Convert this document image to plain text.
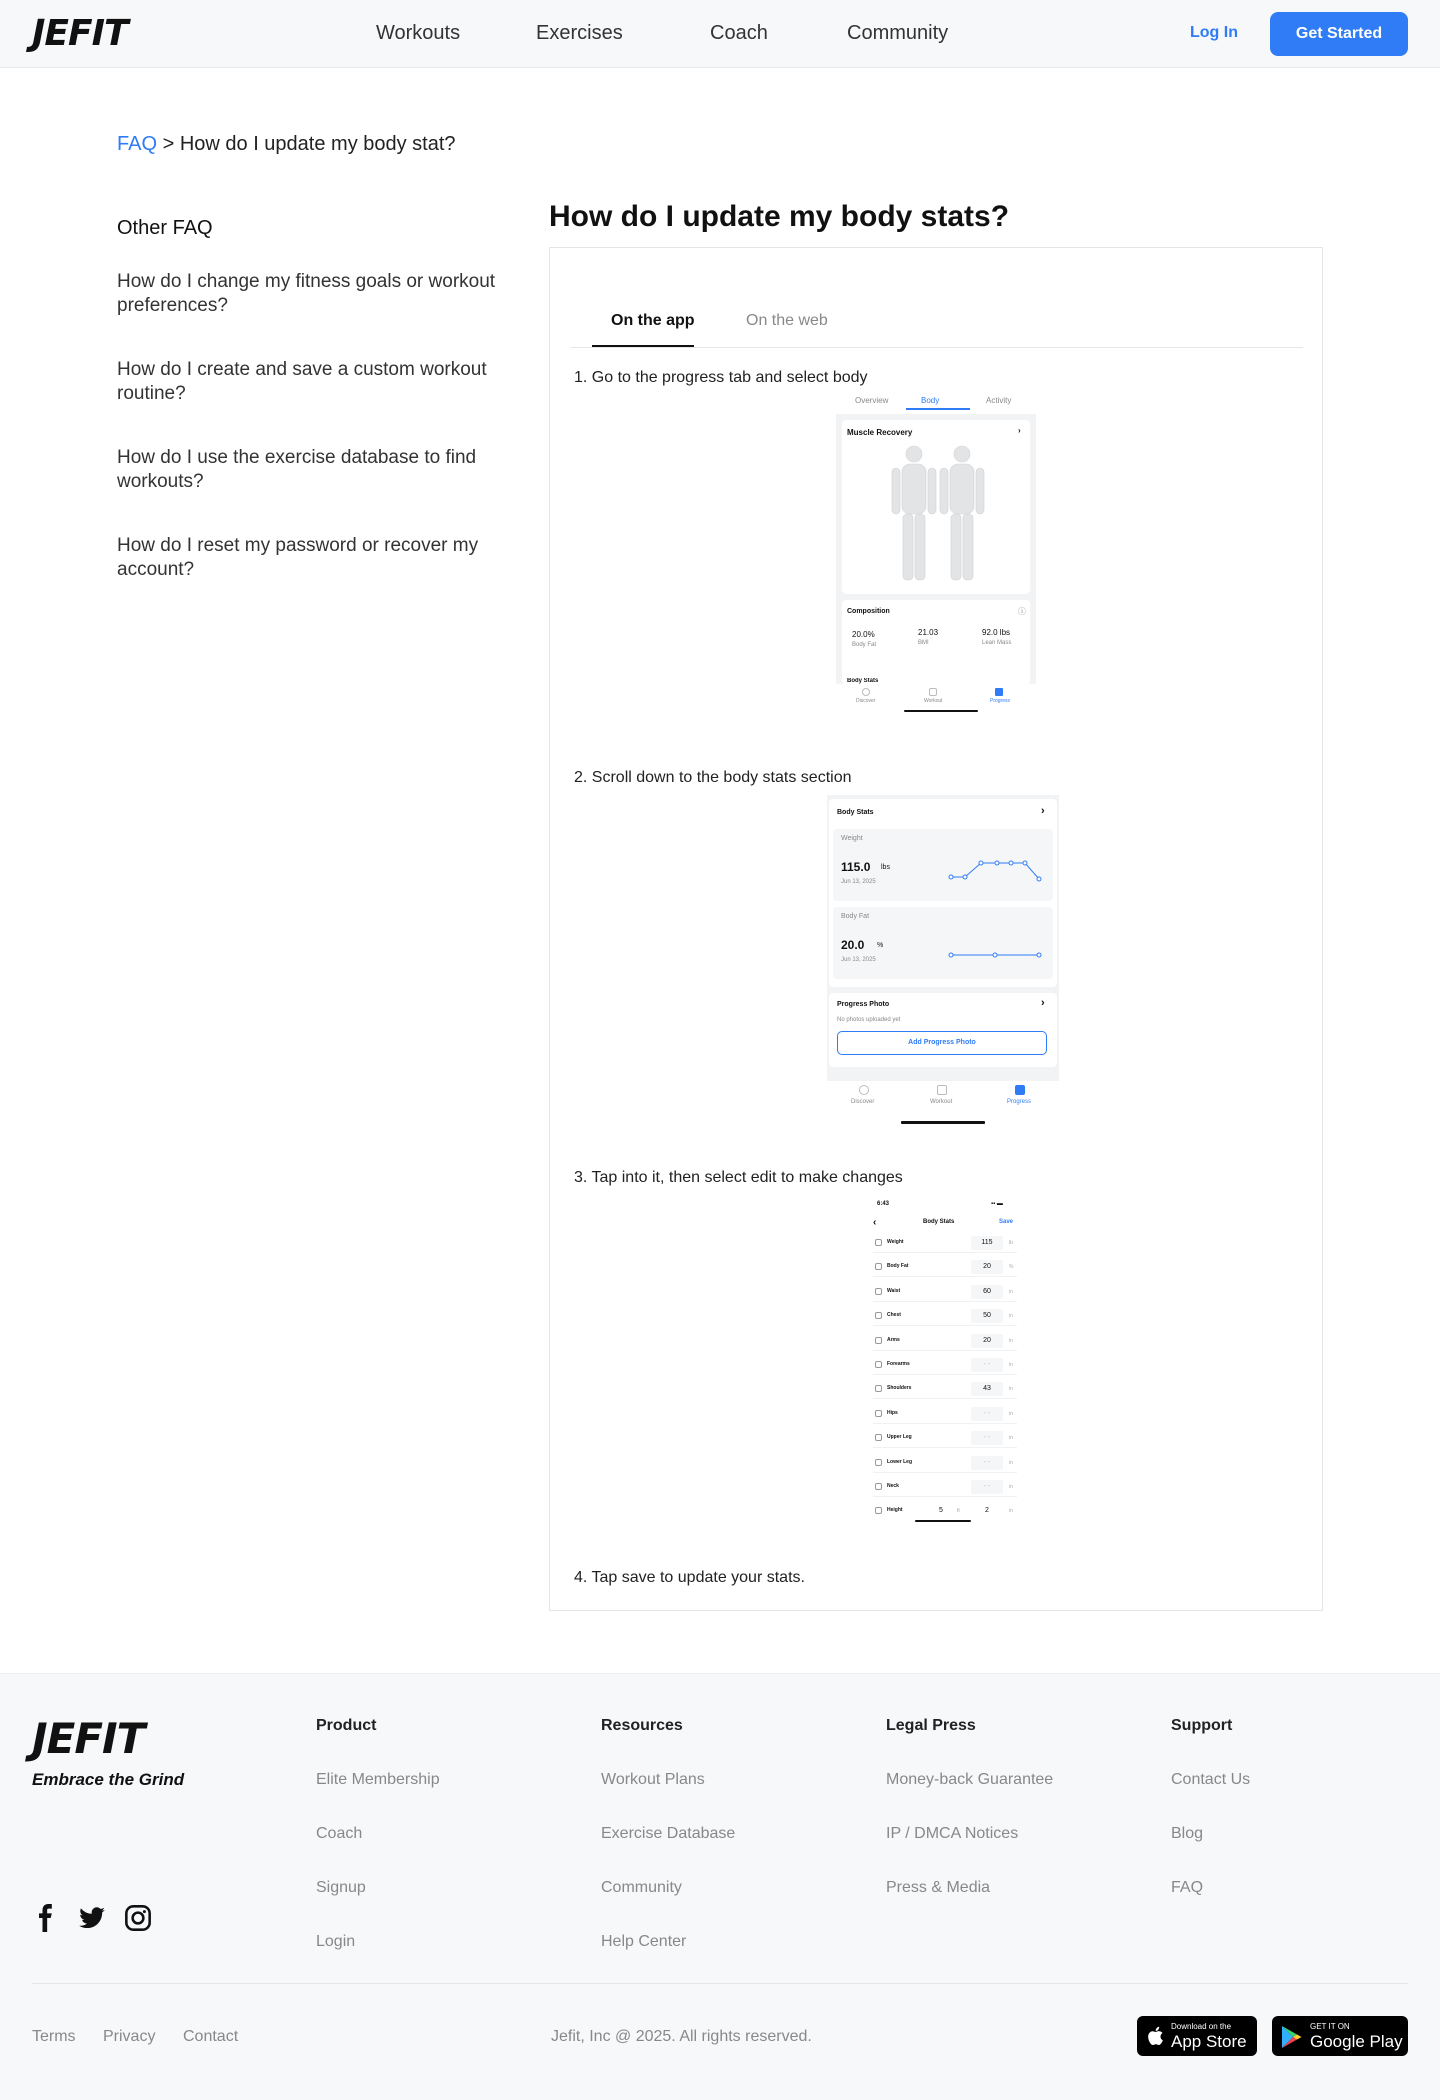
JEFIT	Workouts	Exercises	Coach	Community	Log In	Get Started
FAQ > How do I update my body stat?
Other FAQ
How do I change my fitness goals or workout preferences?
How do I create and save a custom workout routine?
How do I use the exercise database to find workouts?
How do I reset my password or recover my account?
How do I update my body stats?
On the app	On the web
1. Go to the progress tab and select body
2. Scroll down to the body stats section
3. Tap into it, then select edit to make changes
4. Tap save to update your stats.
Overview	Body	Activity
Muscle Recovery	›
Composition	ⓘ
20.0%
Body Fat
21.03
BMI
92.0 lbs
Lean Mass
Body Stats
Discover	Workout	Progress
Body Stats	›
Weight
115.0 lbs
Jun 13, 2025
Body Fat
20.0 %
Jun 13, 2025
Progress Photo	›
No photos uploaded yet
Add Progress Photo
Discover	Workout	Progress
6:43	▪▪ ▬
‹	Body Stats	Save
Weight	115	lb
Body Fat	20	%
Waist	60	in
Chest	50	in
Arms	20	in
Forearms	- -	in
Shoulders	43	in
Hips	- -	in
Upper Leg	- -	in
Lower Leg	- -	in
Neck	- -	in
Height	5	ft	2	in
JEFIT
Embrace the Grind
Product
Elite Membership
Coach
Signup
Login
Resources
Workout Plans
Exercise Database
Community
Help Center
Legal Press
Money-back Guarantee
IP / DMCA Notices
Press & Media
Support
Contact Us
Blog
FAQ
Terms Privacy Contact	Jefit, Inc @ 2025. All rights reserved.
Download on the
App Store
GET IT ON
Google Play
